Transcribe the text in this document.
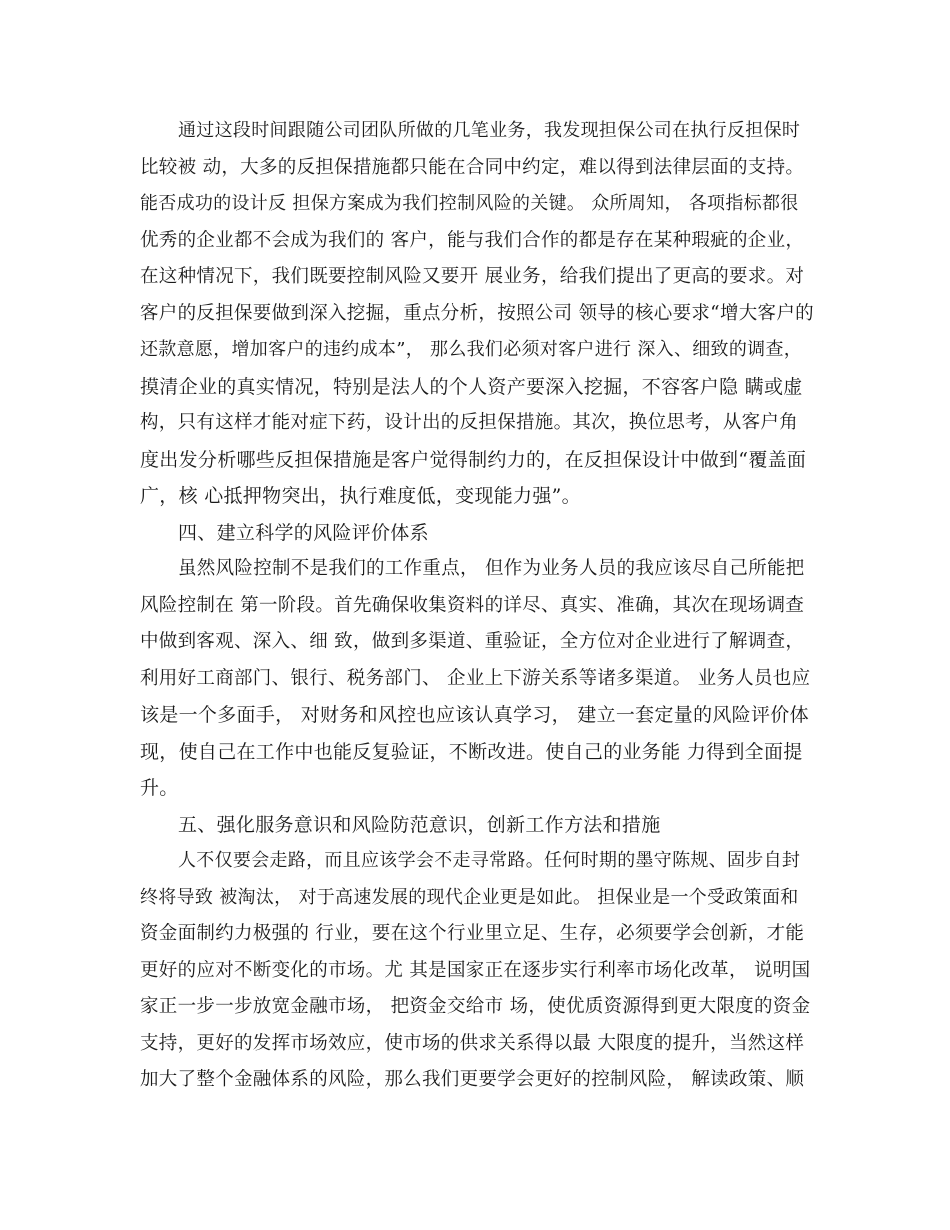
通过这段时间跟随公司团队所做的几笔业务，我发现担保公司在执行反担保时
比较被 动，大多的反担保措施都只能在合同中约定，难以得到法律层面的支持。
能否成功的设计反 担保方案成为我们控制风险的关键。 众所周知， 各项指标都很
优秀的企业都不会成为我们的 客户，能与我们合作的都是存在某种瑕疵的企业，
在这种情况下，我们既要控制风险又要开 展业务，给我们提出了更高的要求。对
客户的反担保要做到深入挖掘，重点分析，按照公司 领导的核心要求“增大客户的
还款意愿，增加客户的违约成本”， 那么我们必须对客户进行 深入、细致的调查，
摸清企业的真实情况，特别是法人的个人资产要深入挖掘，不容客户隐 瞒或虚
构，只有这样才能对症下药，设计出的反担保措施。其次，换位思考，从客户角
度出发分析哪些反担保措施是客户觉得制约力的，在反担保设计中做到“覆盖面
广，核 心抵押物突出，执行难度低，变现能力强”。
四、建立科学的风险评价体系
虽然风险控制不是我们的工作重点， 但作为业务人员的我应该尽自己所能把
风险控制在 第一阶段。首先确保收集资料的详尽、真实、准确，其次在现场调查
中做到客观、深入、细 致，做到多渠道、重验证，全方位对企业进行了解调查，
利用好工商部门、银行、税务部门、 企业上下游关系等诸多渠道。 业务人员也应
该是一个多面手， 对财务和风控也应该认真学习， 建立一套定量的风险评价体
现，使自己在工作中也能反复验证，不断改进。使自己的业务能 力得到全面提
升。
五、强化服务意识和风险防范意识，创新工作方法和措施
人不仅要会走路，而且应该学会不走寻常路。任何时期的墨守陈规、固步自封
终将导致 被淘汰， 对于高速发展的现代企业更是如此。 担保业是一个受政策面和
资金面制约力极强的 行业，要在这个行业里立足、生存，必须要学会创新，才能
更好的应对不断变化的市场。尤 其是国家正在逐步实行利率市场化改革， 说明国
家正一步一步放宽金融市场， 把资金交给市 场，使优质资源得到更大限度的资金
支持，更好的发挥市场效应，使市场的供求关系得以最 大限度的提升，当然这样
加大了整个金融体系的风险，那么我们更要学会更好的控制风险， 解读政策、顺
